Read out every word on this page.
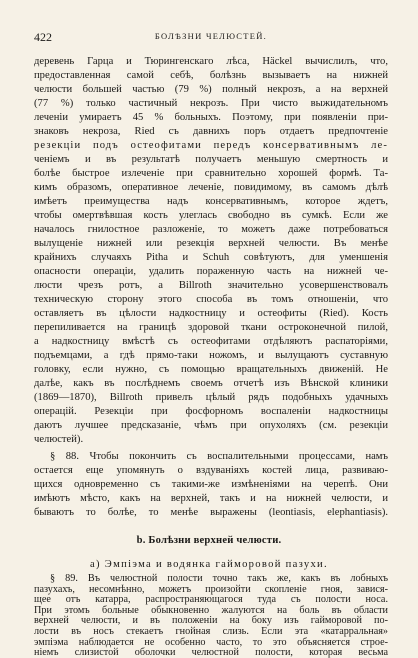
422	БОЛѢЗНИ ЧЕЛЮСТЕЙ.
деревень Гарца и Тюрингенскаго лѣса, Häckel вычислилъ, что,
предоставленная самой себѣ, болѣзнь вызываетъ на нижней
челюсти большей частью (79 %) полный некрозъ, а на верхней
(77 %) только частичный некрозъ. При чисто выжидательномъ
леченіи умираетъ 45 % больныхъ. Поэтому, при появленіи при-
знаковъ некроза, Ried съ давнихъ поръ отдаетъ предпочтеніе
резекціи подъ остеофитами передъ консервативнымъ ле-
ченіемъ и въ результатѣ получаетъ меньшую смертность и
болѣе быстрое излеченіе при сравнительно хорошей формѣ. Та-
кимъ образомъ, оперативное леченіе, повидимому, въ самомъ дѣлѣ
имѣетъ преимущества надъ консервативнымъ, которое ждетъ,
чтобы омертвѣвшая кость улеглась свободно въ сумкѣ. Если же
началось гнилостное разложеніе, то можетъ даже потребоваться
вылущеніе нижней или резекція верхней челюсти. Въ менѣе
крайнихъ случаяхъ Pitha и Schuh совѣтуютъ, для уменшенія
опасности операціи, удалить пораженную часть на нижней че-
люсти чрезъ ротъ, а Billroth значительно усовершенствовалъ
техническую сторону этого способа въ томъ отношеніи, что
оставляетъ въ цѣлости надкостницу и остеофиты (Ried). Кость
перепиливается на границѣ здоровой ткани остроконечной пилой,
а надкостницу вмѣстѣ съ остеофитами отдѣляютъ распаторіями,
подъемцами, а гдѣ прямо-таки ножомъ, и вылущаютъ суставную
головку, если нужно, съ помощью вращательныхъ движеній. Не
далѣе, какъ въ послѣднемъ своемъ отчетѣ изъ Вѣнской клиники
(1869—1870), Billroth привелъ цѣлый рядъ подобныхъ удачныхъ
операцій. Резекціи при фосфорномъ воспаленіи надкостницы
даютъ лучшее предсказаніе, чѣмъ при опухоляхъ (см. резекціи
челюстей).
§ 88. Чтобы покончить съ воспалительными процессами, намъ
остается еще упомянуть о вздуваніяхъ костей лица, развиваю-
щихся одновременно съ такими-же измѣненіями на черепѣ. Они
имѣютъ мѣсто, какъ на верхней, такъ и на нижней челюсти, и
бываютъ то болѣе, то менѣе выражены (leontiasis, elephantiasis).
b. Болѣзни верхней челюсти.
а) Эмпіэма и водянка гайморовой пазухи.
§ 89. Въ челюстной полости точно такъ же, какъ въ лобныхъ
пазухахъ, несомнѣнно, можетъ произойти скопленіе гноя, завися-
щее отъ катарра, распространяющагося туда съ полости носа.
При этомъ больные обыкновенно жалуются на боль въ области
верхней челюсти, и въ положеніи на боку изъ гайморовой по-
лости въ носъ стекаетъ гнойная слизь. Если эта «катарральная»
эмпіэма наблюдается не особенно часто, то это объясняется строе-
ніемъ слизистой оболочки челюстной полости, которая весьма
